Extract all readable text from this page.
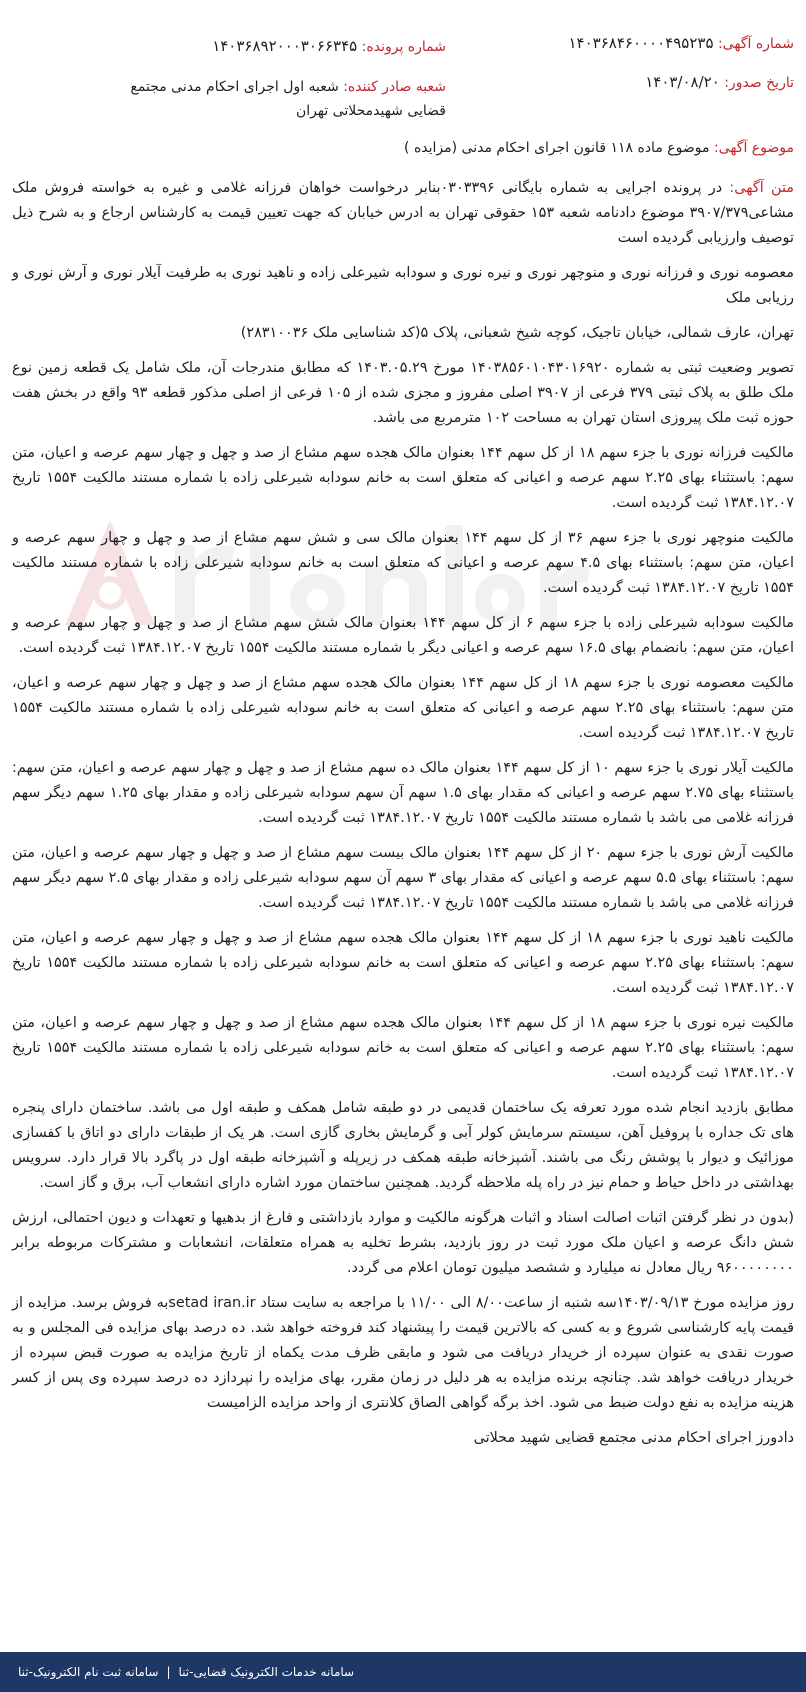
شماره آگهی: ۱۴۰۳۶۸۴۶۰۰۰۰۴۹۵۲۳۵
تاریخ صدور: ۱۴۰۳/۰۸/۲۰
شماره پرونده: ۱۴۰۳۶۸۹۲۰۰۰۳۰۶۶۳۴۵
شعبه صادر کننده: شعبه اول اجرای احکام مدنی مجتمع قضایی شهیدمحلاتی تهران
موضوع آگهی: موضوع ماده ۱۱۸ قانون اجرای احکام مدنی (مزایده )

متن آگهی: در پرونده اجرایی به شماره بایگانی ۰۳۰۳۳۹۶بنابر درخواست خواهان فرزانه غلامی و غیره به خواسته فروش ملک مشاعی۳۹۰۷/۳۷۹ موضوع دادنامه شعبه ۱۵۳ حقوقی تهران به ادرس خیابان که جهت تعیین قیمت به کارشناس ارجاع و به شرح ذیل توصیف وارزیابی گردیده است

معصومه نوری و فرزانه نوری و منوچهر نوری و نیره نوری و سودابه شیرعلی زاده و ناهید نوری به طرفیت آیلار نوری و آرش نوری و رزیابی ملک

تهران، عارف شمالی، خیابان تاجیک، کوچه شیخ شعبانی، پلاک ۵(کد شناسایی ملک ۲۸۳۱۰۰۳۶)

تصویر وضعیت ثبتی به شماره ۱۴۰۳۸۵۶۰۱۰۴۳۰۱۶۹۲۰ مورخ ۱۴۰۳.۰۵.۲۹ که مطابق مندرجات آن، ملک شامل یک قطعه زمین نوع ملک طلق به پلاک ثبتی ۳۷۹ فرعی از ۳۹۰۷ اصلی مفروز و مجزی شده از ۱۰۵ فرعی از اصلی مذکور قطعه ۹۳ واقع در بخش هفت حوزه ثبت ملک پیروزی استان تهران به مساحت ۱۰۲ مترمربع می باشد.

مالکیت فرزانه نوری با جزء سهم ۱۸ از کل سهم ۱۴۴ بعنوان مالک هجده سهم مشاع از صد و چهل و چهار سهم عرصه و اعیان، متن سهم: باستثناء بهای ۲.۲۵ سهم عرصه و اعیانی که متعلق است به خانم سودابه شیرعلی زاده با شماره مستند مالکیت ۱۵۵۴ تاریخ ۱۳۸۴.۱۲.۰۷ ثبت گردیده است.

مالکیت منوچهر نوری با جزء سهم ۳۶ از کل سهم ۱۴۴ بعنوان مالک سی و شش سهم مشاع از صد و چهل و چهار سهم عرصه و اعیان، متن سهم: باستثناء بهای ۴.۵ سهم عرصه و اعیانی که متعلق است به خانم سودابه شیرعلی زاده با شماره مستند مالکیت ۱۵۵۴ تاریخ ۱۳۸۴.۱۲.۰۷ ثبت گردیده است.

مالکیت سودابه شیرعلی زاده با جزء سهم ۶ از کل سهم ۱۴۴ بعنوان مالک شش سهم مشاع از صد و چهل و چهار سهم عرصه و اعیان، متن سهم: بانضمام بهای ۱۶.۵ سهم عرصه و اعیانی دیگر با شماره مستند مالکیت ۱۵۵۴ تاریخ ۱۳۸۴.۱۲.۰۷ ثبت گردیده است.

مالکیت معصومه نوری با جزء سهم ۱۸ از کل سهم ۱۴۴ بعنوان مالک هجده سهم مشاع از صد و چهل و چهار سهم عرصه و اعیان، متن سهم: باستثناء بهای ۲.۲۵ سهم عرصه و اعیانی که متعلق است به خانم سودابه شیرعلی زاده با شماره مستند مالکیت ۱۵۵۴ تاریخ ۱۳۸۴.۱۲.۰۷ ثبت گردیده است.

مالکیت آیلار نوری با جزء سهم ۱۰ از کل سهم ۱۴۴ بعنوان مالک ده سهم مشاع از صد و چهل و چهار سهم عرصه و اعیان، متن سهم: باستثناء بهای ۲.۷۵ سهم عرصه و اعیانی که مقدار بهای ۱.۵ سهم آن سهم سودابه شیرعلی زاده و مقدار بهای ۱.۲۵ سهم دیگر سهم فرزانه غلامی می باشد با شماره مستند مالکیت ۱۵۵۴ تاریخ ۱۳۸۴.۱۲.۰۷ ثبت گردیده است.

مالکیت آرش نوری با جزء سهم ۲۰ از کل سهم ۱۴۴ بعنوان مالک بیست سهم مشاع از صد و چهل و چهار سهم عرصه و اعیان، متن سهم: باستثناء بهای ۵.۵ سهم عرصه و اعیانی که مقدار بهای ۳ سهم آن سهم سودابه شیرعلی زاده و مقدار بهای ۲.۵ سهم دیگر سهم فرزانه غلامی می باشد با شماره مستند مالکیت ۱۵۵۴ تاریخ ۱۳۸۴.۱۲.۰۷ ثبت گردیده است.

مالکیت ناهید نوری با جزء سهم ۱۸ از کل سهم ۱۴۴ بعنوان مالک هجده سهم مشاع از صد و چهل و چهار سهم عرصه و اعیان، متن سهم: باستثناء بهای ۲.۲۵ سهم عرصه و اعیانی که متعلق است به خانم سودابه شیرعلی زاده با شماره مستند مالکیت ۱۵۵۴ تاریخ ۱۳۸۴.۱۲.۰۷ ثبت گردیده است.

مالکیت نیره نوری با جزء سهم ۱۸ از کل سهم ۱۴۴ بعنوان مالک هجده سهم مشاع از صد و چهل و چهار سهم عرصه و اعیان، متن سهم: باستثناء بهای ۲.۲۵ سهم عرصه و اعیانی که متعلق است به خانم سودابه شیرعلی زاده با شماره مستند مالکیت ۱۵۵۴ تاریخ ۱۳۸۴.۱۲.۰۷ ثبت گردیده است.

مطابق بازدید انجام شده مورد تعرفه یک ساختمان قدیمی در دو طبقه شامل همکف و طبقه اول می باشد. ساختمان دارای پنجره های تک جداره با پروفیل آهن، سیستم سرمایش کولر آبی و گرمایش بخاری گازی است. هر یک از طبقات دارای دو اتاق با کفسازی موزائیک و دیوار با پوشش رنگ می باشند. آشپزخانه طبقه همکف در زیرپله و آشپزخانه طبقه اول در پاگرد بالا قرار دارد. سرویس بهداشتی در داخل حیاط و حمام نیز در راه پله ملاحظه گردید. همچنین ساختمان مورد اشاره دارای انشعاب آب، برق و گاز است.

(بدون در نظر گرفتن اثبات اصالت اسناد و اثبات هرگونه مالکیت و موارد بازداشتی و فارغ از بدهیها و تعهدات و دیون احتمالی، ارزش شش دانگ عرصه و اعیان ملک مورد ثبت در روز بازدید، بشرط تخلیه به همراه متعلقات، انشعابات و مشترکات مربوطه برابر ۹۶۰۰۰۰۰۰۰۰ ریال معادل نه میلیارد و ششصد میلیون تومان اعلام می گردد.

روز مزایده مورخ ۱۴۰۳/۰۹/۱۳سه شنبه از ساعت۸/۰۰ الی ۱۱/۰۰ با مراجعه به سایت ستاد setad iran.irبه فروش برسد. مزایده از قیمت پایه کارشناسی شروع و به کسی که بالاترین قیمت را پیشنهاد کند فروخته خواهد شد. ده درصد بهای مزایده فی المجلس و به صورت نقدی به عنوان سپرده از خریدار دریافت می شود و مابقی ظرف مدت یکماه از تاریخ مزایده به صورت قبض سپرده از خریدار دریافت خواهد شد. چنانچه برنده مزایده به هر دلیل در زمان مقرر، بهای مزایده را نپردازد ده درصد سپرده وی پس از کسر هزینه مزایده به نفع دولت ضبط می شود. اخذ برگه گواهی الصاق کلانتری از واحد مزایده الزامیست

دادورز اجرای احکام مدنی مجتمع قضایی شهید محلاتی

سامانه خدمات الکترونیک قضایی-ثنا
|
سامانه ثبت نام الکترونیک-ثنا
